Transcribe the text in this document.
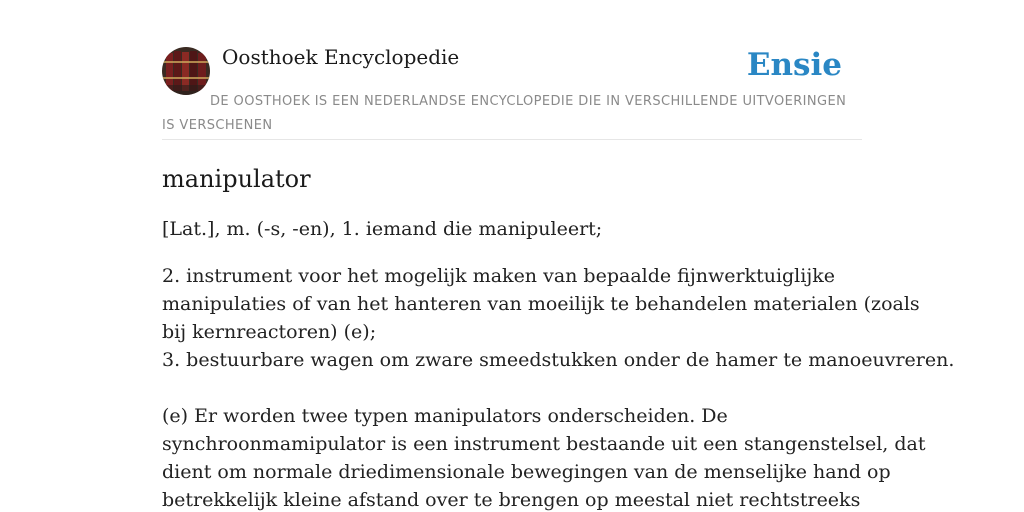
Oosthoek Encyclopedie	Ensie
DE OOSTHOEK IS EEN NEDERLANDSE ENCYCLOPEDIE DIE IN VERSCHILLENDE UITVOERINGEN IS VERSCHENEN
manipulator

[Lat.], m. (-s, -en), 1. iemand die manipuleert;

2. instrument voor het mogelijk maken van bepaalde fijnwerktuiglijke
manipulaties of van het hanteren van moeilijk te behandelen materialen (zoals
bij kernreactoren) (e);
3. bestuurbare wagen om zware smeedstukken onder de hamer te manoeuvreren.
(e) Er worden twee typen manipulators onderscheiden. De
synchroonmamipulator is een instrument bestaande uit een stangenstelsel, dat
dient om normale driedimensionale bewegingen van de menselijke hand op
betrekkelijk kleine afstand over te brengen op meestal niet rechtstreeks
